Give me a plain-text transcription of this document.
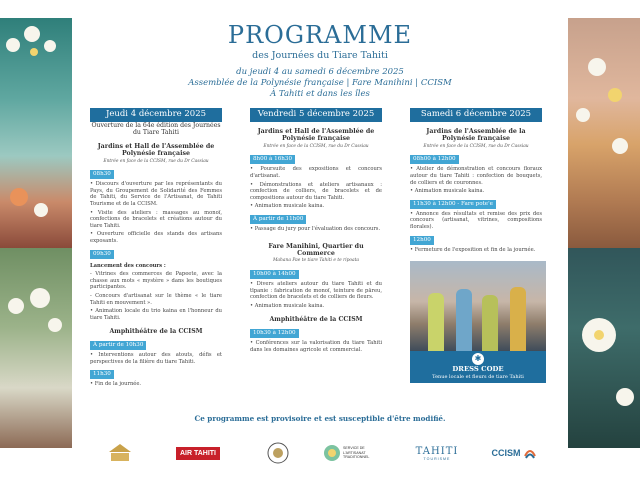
PROGRAMME
des Journées du Tiare Tahiti
du jeudi 4 au samedi 6 décembre 2025
Assemblée de la Polynésie française | Fare Manihini | CCISM
À Tahiti et dans les îles
Jeudi 4 décembre 2025
Ouverture de la 64e édition des Journées du Tiare Tahiti
Jardins et Hall de l'Assemblée de Polynésie française
Entrée en face de la CCISM, rue du Dr Cassiau
08h30
• Discours d'ouverture par les représentants du Pays, du Groupement de Solidarité des Femmes de Tahiti, du Service de l'Artisanat, de Tahiti Tourisme et de la CCISM.
• Visite des ateliers : massages au monoï, confections de bracelets et créations autour du tiare Tahiti.
• Ouverture officielle des stands des artisans exposants.
09h30
Lancement des concours :
- Vitrines des commerces de Papeete, avec la chasse aux mots « mystère » dans les boutiques participantes.
- Concours d'artisanat sur le thème « le tiare Tahiti en mouvement ».
• Animation locale du trio kaina en l'honneur du tiare Tahiti.
Amphithéâtre de la CCISM
À partir de 10h30
• Interventions autour des atouts, défis et perspectives de la filière du tiare Tahiti.
11h30
• Fin de la journée.
Vendredi 5 décembre 2025
Jardins et Hall de l'Assemblée de Polynésie française
Entrée en face de la CCISM, rue du Dr Cassiau
8h00 à 16h30
• Poursuite des expositions et concours d'artisanat.
• Démonstrations et ateliers artisanaux : confection de colliers, de bracelets et de compositions autour du tiare Tahiti.
• Animation musicale kaina.
À partir de 11h00
• Passage du jury pour l'évaluation des concours.
Fare Manihini, Quartier du Commerce
Mahana Pae te tiare Tahiti e te ripoata
10h00 à 14h00
• Divers ateliers autour du tiare Tahiti et du tīpanie : fabrication de monoï, teinture de pāreu, confection de bracelets et de colliers de fleurs.
• Animation musicale kaina.
Amphithéâtre de la CCISM
10h30 à 12h00
• Conférences sur la valorisation du tiare Tahiti dans les domaines agricole et commercial.
Samedi 6 décembre 2025
Jardins de l'Assemblée de la Polynésie française
Entrée en face de la CCISM, rue du Dr Cassiau
08h00 à 12h00
• Atelier de démonstration et concours floraux autour du tiare Tahiti : confection de bouquets, de colliers et de couronnes.
• Animation musicale kaina.
11h30 à 12h00 - Fare pote'e
• Annonce des résultats et remise des prix des concours (artisanat, vitrines, compositions florales).
12h00
• Fermeture de l'exposition et fin de la journée.
✱
DRESS CODE
Tenue locale et fleurs de tiare Tahiti
Ce programme est provisoire et est susceptible d'être modifié.
AIR TAHITI
SERVICE DE L'ARTISANAT TRADITIONNEL
TAHITI
TOURISME
CCISM
